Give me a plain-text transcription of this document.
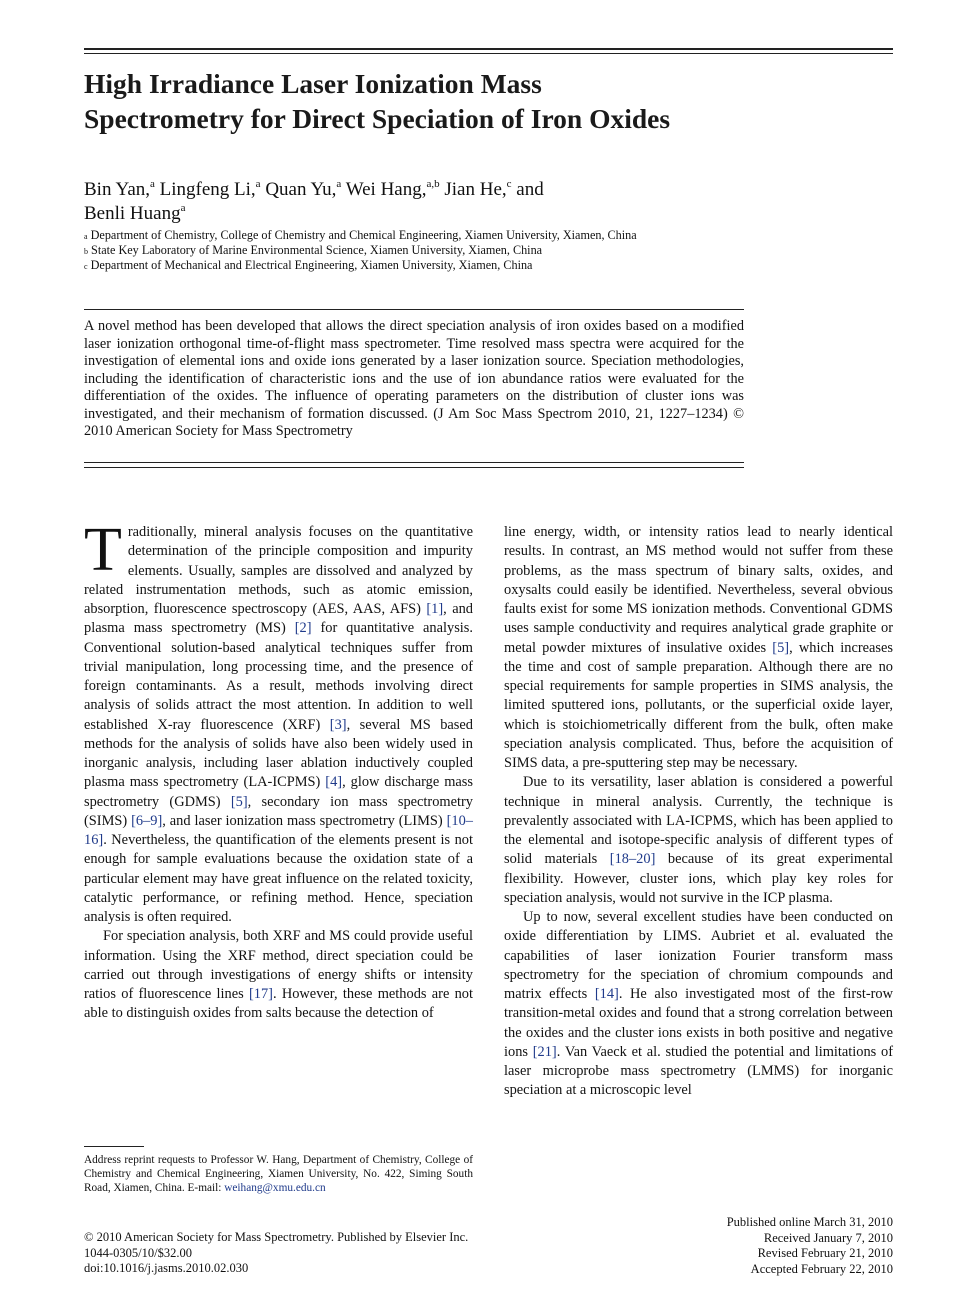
High Irradiance Laser Ionization Mass
Spectrometry for Direct Speciation of Iron Oxides
Bin Yan,$^a$ Lingfeng Li,$^a$ Quan Yu,$^a$ Wei Hang,$^{a,b}$ Jian He,$^c$ and
Benli Huang$^a$
$^a$ Department of Chemistry, College of Chemistry and Chemical Engineering, Xiamen University, Xiamen, China
$^b$ State Key Laboratory of Marine Environmental Science, Xiamen University, Xiamen, China
$^c$ Department of Mechanical and Electrical Engineering, Xiamen University, Xiamen, China
A novel method has been developed that allows the direct speciation analysis of iron oxides based on a modified laser ionization orthogonal time-of-flight mass spectrometer. Time resolved mass spectra were acquired for the investigation of elemental ions and oxide ions generated by a laser ionization source. Speciation methodologies, including the identification of characteristic ions and the use of ion abundance ratios were evaluated for the differentiation of the oxides. The influence of operating parameters on the distribution of cluster ions was investigated, and their mechanism of formation discussed. (J Am Soc Mass Spectrom 2010, 21, 1227–1234) © 2010 American Society for Mass Spectrometry

Traditionally, mineral analysis focuses on the quantitative determination of the principle composition and impurity elements. Usually, samples are dissolved and analyzed by related instrumentation methods, such as atomic emission, absorption, fluorescence spectroscopy (AES, AAS, AFS) [1], and plasma mass spectrometry (MS) [2] for quantitative analysis. Conventional solution-based analytical techniques suffer from trivial manipulation, long processing time, and the presence of foreign contaminants. As a result, methods involving direct analysis of solids attract the most attention. In addition to well established X-ray fluorescence (XRF) [3], several MS based methods for the analysis of solids have also been widely used in inorganic analysis, including laser ablation inductively coupled plasma mass spectrometry (LA-ICPMS) [4], glow discharge mass spectrometry (GDMS) [5], secondary ion mass spectrometry (SIMS) [6–9], and laser ionization mass spectrometry (LIMS) [10–16]. Nevertheless, the quantification of the elements present is not enough for sample evaluations because the oxidation state of a particular element may have great influence on the related toxicity, catalytic performance, or refining method. Hence, speciation analysis is often required.

For speciation analysis, both XRF and MS could provide useful information. Using the XRF method, direct speciation could be carried out through investigations of energy shifts or intensity ratios of fluorescence lines [17]. However, these methods are not able to distinguish oxides from salts because the detection of

line energy, width, or intensity ratios lead to nearly identical results. In contrast, an MS method would not suffer from these problems, as the mass spectrum of binary salts, oxides, and oxysalts could easily be identified. Nevertheless, several obvious faults exist for some MS ionization methods. Conventional GDMS uses sample conductivity and requires analytical grade graphite or metal powder mixtures of insulative oxides [5], which increases the time and cost of sample preparation. Although there are no special requirements for sample properties in SIMS analysis, the limited sputtered ions, pollutants, or the superficial oxide layer, which is stoichiometrically different from the bulk, often make speciation analysis complicated. Thus, before the acquisition of SIMS data, a pre-sputtering step may be necessary.

Due to its versatility, laser ablation is considered a powerful technique in mineral analysis. Currently, the technique is prevalently associated with LA-ICPMS, which has been applied to the elemental and isotope-specific analysis of different types of solid materials [18–20] because of its great experimental flexibility. However, cluster ions, which play key roles for speciation analysis, would not survive in the ICP plasma.

Up to now, several excellent studies have been conducted on oxide differentiation by LIMS. Aubriet et al. evaluated the capabilities of laser ionization Fourier transform mass spectrometry for the speciation of chromium compounds and matrix effects [14]. He also investigated most of the first-row transition-metal oxides and found that a strong correlation between the oxides and the cluster ions exists in both positive and negative ions [21]. Van Vaeck et al. studied the potential and limitations of laser microprobe mass spectrometry (LMMS) for inorganic speciation at a microscopic level

Address reprint requests to Professor W. Hang, Department of Chemistry, College of Chemistry and Chemical Engineering, Xiamen University, No. 422, Siming South Road, Xiamen, China. E-mail: weihang@xmu.edu.cn
© 2010 American Society for Mass Spectrometry. Published by Elsevier Inc.
1044-0305/10/$32.00
doi:10.1016/j.jasms.2010.02.030
Published online March 31, 2010
Received January 7, 2010
Revised February 21, 2010
Accepted February 22, 2010
